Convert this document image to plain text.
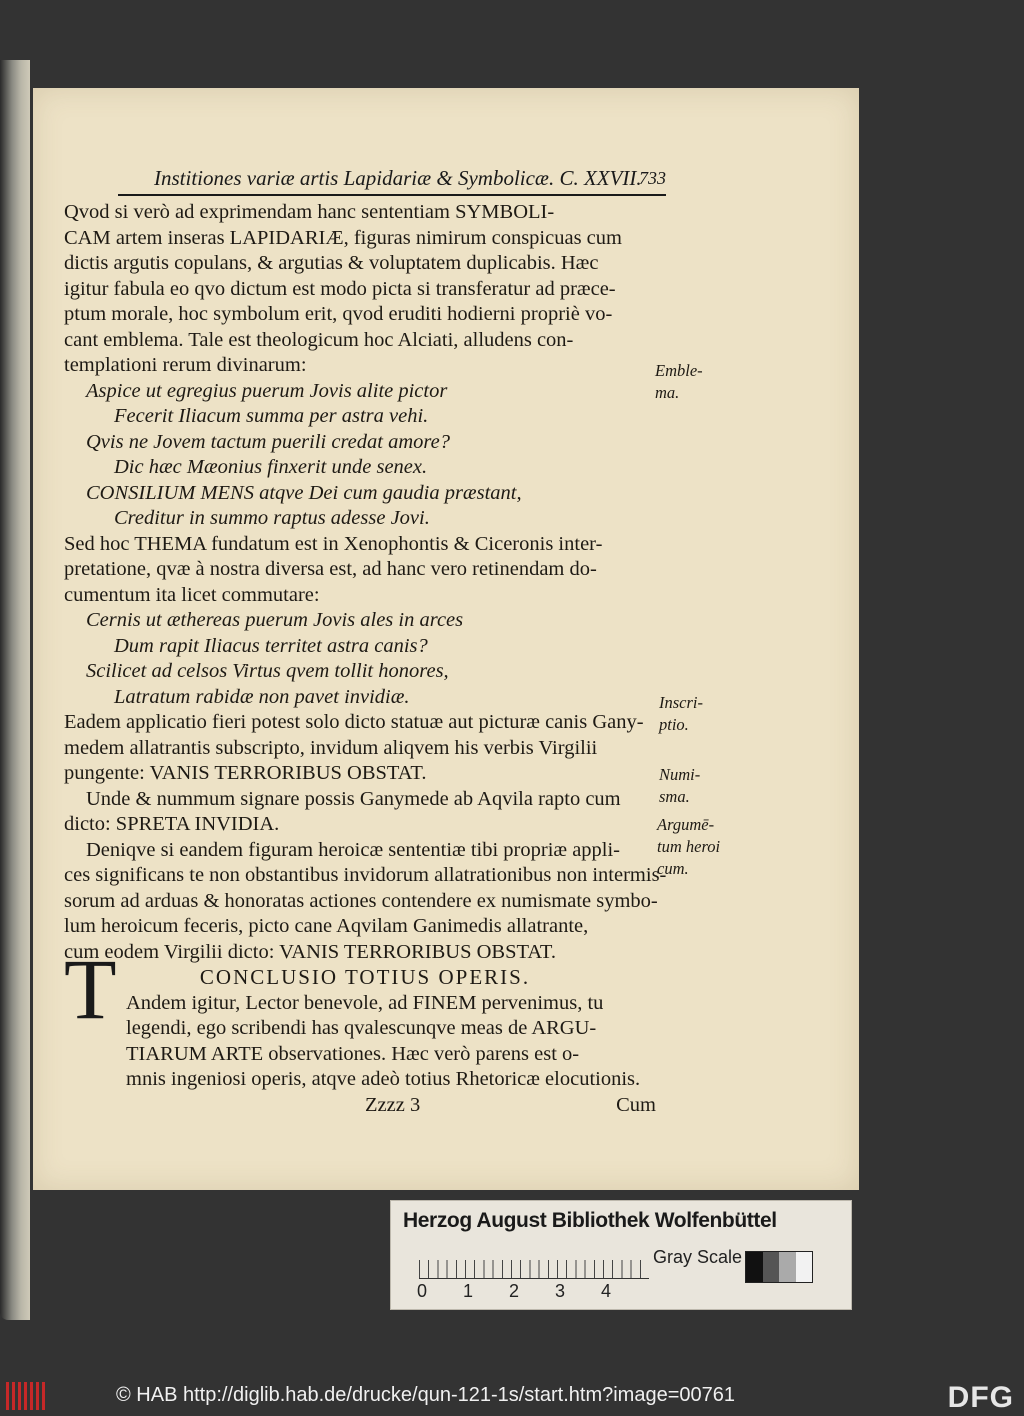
Institiones variæ artis Lapidariæ & Symbolicæ. C. XXVII.
733
Qvod si verò ad exprimendam hanc sententiam SYMBOLI-
CAM artem inseras LAPIDARIÆ, figuras nimirum conspicuas cum
dictis argutis copulans, & argutias & voluptatem duplicabis. Hæc
igitur fabula eo qvo dictum est modo picta si transferatur ad præce-
ptum morale, hoc symbolum erit, qvod eruditi hodierni propriè vo-
cant emblema. Tale est theologicum hoc Alciati, alludens con-
templationi rerum divinarum:
Aspice ut egregius puerum Jovis alite pictor
Fecerit Iliacum summa per astra vehi.
Qvis ne Jovem tactum puerili credat amore?
Dic hæc Mæonius finxerit unde senex.
CONSILIUM MENS atqve Dei cum gaudia præstant,
Creditur in summo raptus adesse Jovi.
Sed hoc THEMA fundatum est in Xenophontis & Ciceronis inter-
pretatione, qvæ à nostra diversa est, ad hanc vero retinendam do-
cumentum ita licet commutare:
Cernis ut æthereas puerum Jovis ales in arces
Dum rapit Iliacus territet astra canis?
Scilicet ad celsos Virtus qvem tollit honores,
Latratum rabidæ non pavet invidiæ.
Eadem applicatio fieri potest solo dicto statuæ aut picturæ canis Gany-
medem allatrantis subscripto, invidum aliqvem his verbis Virgilii
pungente: VANIS TERRORIBUS OBSTAT.
Unde & nummum signare possis Ganymede ab Aqvila rapto cum
dicto: SPRETA INVIDIA.
Deniqve si eandem figuram heroicæ sententiæ tibi propriæ appli-
ces significans te non obstantibus invidorum allatrationibus non intermis-
sorum ad arduas & honoratas actiones contendere ex numismate symbo-
lum heroicum feceris, picto cane Aqvilam Ganimedis allatrante,
cum eodem Virgilii dicto: VANIS TERRORIBUS OBSTAT.
CONCLUSIO TOTIUS OPERIS.
Andem igitur, Lector benevole, ad FINEM pervenimus, tu
legendi, ego scribendi has qvalescunqve meas de ARGU-
TIARUM ARTE observationes. Hæc verò parens est o-
mnis ingeniosi operis, atqve adeò totius Rhetoricæ elocutionis.
Zzzz 3	Cum
T
Emble-
ma.
Inscri-
ptio.
Numi-
sma.
Argumē-
tum heroi
cum.
Herzog August Bibliothek Wolfenbüttel
0 1 2 3 4
Gray Scale
© HAB http://diglib.hab.de/drucke/qun-121-1s/start.htm?image=00761	DFG
